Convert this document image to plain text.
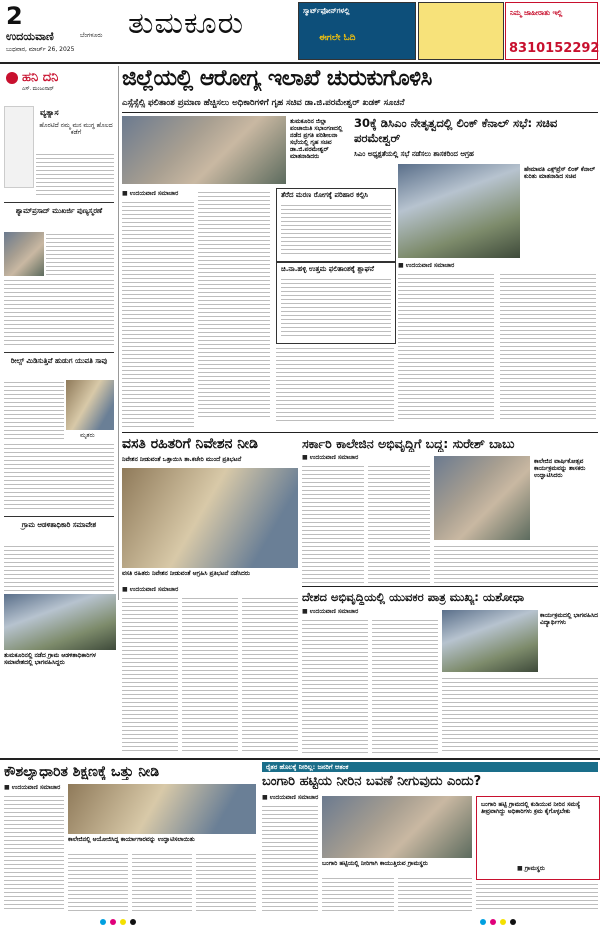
2
ಉದಯವಾಣಿ	ಬೆಂಗಳೂರು
ಬುಧವಾರ, ಮಾರ್ಚ್ 26, 2025
ತುಮಕೂರು	ಸ್ಮಾರ್ಟ್‌ಫೋನ್‌ಗಳಲ್ಲಿ
ಈಗಲೇ ಓದಿ
ನಿಮ್ಮ ಜಾಹೀರಾತು ಇಲ್ಲಿ
8310152292
ಹನಿ ದನಿ
ಎಸ್. ಮಂಜುನಾಥ್
ವ್ಯತ್ಯಾಸ
ಹೊರಟಿದೆ ನಮ್ಮ ಮನ ಮುಗ್ಧ ಹೊಲದ ಕಡೆಗೆ
ಶ್ಯಾಮ್‌ಪ್ರಸಾದ್ ಮುಖರ್ಜಿ ಪುಣ್ಯಸ್ಮರಣೆ
ರೀಲ್ಸ್ ಮಿಡಿಸುತ್ತಿವೆ ಹುಡುಗ ಯುವತಿ ಸಾವು
ಮೃತರು
ಗ್ರಾಮ ಆಡಳಿತಾಧಿಕಾರಿ ಸಮಾವೇಶ
ತುಮಕೂರಿನಲ್ಲಿ ನಡೆದ ಗ್ರಾಮ ಆಡಳಿತಾಧಿಕಾರಿಗಳ ಸಮಾವೇಶದಲ್ಲಿ ಭಾಗವಹಿಸಿದ್ದರು
ಜಿಲ್ಲೆಯಲ್ಲಿ ಆರೋಗ್ಯ ಇಲಾಖೆ ಚುರುಕುಗೊಳಿಸಿ
ಎಸ್ಸೆಸ್ಸೆಲ್ಸಿ ಫಲಿತಾಂಶ ಪ್ರಮಾಣ ಹೆಚ್ಚಿಸಲು ಅಧಿಕಾರಿಗಳಿಗೆ ಗೃಹ ಸಚಿವ ಡಾ.ಜಿ.ಪರಮೇಶ್ವರ್ ಖಡಕ್ ಸೂಚನೆ
ತುಮಕೂರಿನ ಜಿಲ್ಲಾ ಪಂಚಾಯಿತಿ ಸಭಾಂಗಣದಲ್ಲಿ ನಡೆದ ಪ್ರಗತಿ ಪರಿಶೀಲನಾ ಸಭೆಯಲ್ಲಿ ಗೃಹ ಸಚಿವ ಡಾ.ಜಿ.ಪರಮೇಶ್ವರ್ ಮಾತನಾಡಿದರು
■ ಉದಯವಾಣಿ ಸಮಾಚಾರ	ತೆರೆದ ಮರಣ ರೋಗಕ್ಕೆ ಪರಿಹಾರ ಕಲ್ಪಿಸಿ
ಚಿ.ನಾ.ಹಳ್ಳಿ ಉತ್ತಮ ಫಲಿತಾಂಶಕ್ಕೆ ಶ್ಲಾಘನೆ
30ಕ್ಕೆ ಡಿಸಿಎಂ ನೇತೃತ್ವದಲ್ಲಿ ಲಿಂಕ್ ಕೆನಾಲ್ ಸಭೆ: ಸಚಿವ ಪರಮೇಶ್ವರ್
ಸಿಎಂ ಅಧ್ಯಕ್ಷತೆಯಲ್ಲಿ ಸಭೆ ನಡೆಸಲು ಶಾಸಕರಿಂದ ಆಗ್ರಹ
ಹೇಮಾವತಿ ಎಕ್ಸ್‌ಪ್ರೆಸ್ ಲಿಂಕ್ ಕೆನಾಲ್ ಕುರಿತು ಮಾತನಾಡಿದ ಸಚಿವ
■ ಉದಯವಾಣಿ ಸಮಾಚಾರ
ವಸತಿ ರಹಿತರಿಗೆ ನಿವೇಶನ ನೀಡಿ
ನಿವೇಶನ ನೀಡುವಂತೆ ಒತ್ತಾಯಿಸಿ ತಾ.ಕಚೇರಿ ಮುಂದೆ ಪ್ರತಿಭಟನೆ
ವಸತಿ ರಹಿತರು ನಿವೇಶನ ನೀಡುವಂತೆ ಆಗ್ರಹಿಸಿ ಪ್ರತಿಭಟನೆ ನಡೆಸಿದರು
■ ಉದಯವಾಣಿ ಸಮಾಚಾರ
ಸರ್ಕಾರಿ ಕಾಲೇಜಿನ ಅಭಿವೃದ್ಧಿಗೆ ಬದ್ಧ: ಸುರೇಶ್ ಬಾಬು
■ ಉದಯವಾಣಿ ಸಮಾಚಾರ
ಕಾಲೇಜಿನ ವಾರ್ಷಿಕೋತ್ಸವ ಕಾರ್ಯಕ್ರಮವನ್ನು ಶಾಸಕರು ಉದ್ಘಾಟಿಸಿದರು
ದೇಶದ ಅಭಿವೃದ್ಧಿಯಲ್ಲಿ ಯುವಕರ ಪಾತ್ರ ಮುಖ್ಯ: ಯಶೋಧಾ
■ ಉದಯವಾಣಿ ಸಮಾಚಾರ
ಕಾರ್ಯಕ್ರಮದಲ್ಲಿ ಭಾಗವಹಿಸಿದ ವಿದ್ಯಾರ್ಥಿಗಳು
ಕೌಶಲ್ಯಾಧಾರಿತ ಶಿಕ್ಷಣಕ್ಕೆ ಒತ್ತು ನೀಡಿ
■ ಉದಯವಾಣಿ ಸಮಾಚಾರ
ಕಾಲೇಜಿನಲ್ಲಿ ಆಯೋಜಿಸಿದ್ದ ಕಾರ್ಯಾಗಾರವನ್ನು ಉದ್ಘಾಟಿಸಲಾಯಿತು
ರೈತರ ಹೊಲಕ್ಕೆ ನೀರಿಲ್ಲ: ಜನರಿಗೆ ಆತಂಕ
ಬಂಗಾರಿ ಹಟ್ಟಿಯ ನೀರಿನ ಬವಣೆ ನೀಗುವುದು ಎಂದು?
■ ಉದಯವಾಣಿ ಸಮಾಚಾರ
ಬಂಗಾರಿ ಹಟ್ಟಿಯಲ್ಲಿ ನೀರಿಗಾಗಿ ಕಾಯುತ್ತಿರುವ ಗ್ರಾಮಸ್ಥರು
ಬಂಗಾರಿ ಹಟ್ಟಿ ಗ್ರಾಮದಲ್ಲಿ ಕುಡಿಯುವ ನೀರಿನ ಸಮಸ್ಯೆ ತೀವ್ರವಾಗಿದ್ದು ಅಧಿಕಾರಿಗಳು ಕ್ರಮ ಕೈಗೊಳ್ಳಬೇಕು
■ ಗ್ರಾಮಸ್ಥರು
